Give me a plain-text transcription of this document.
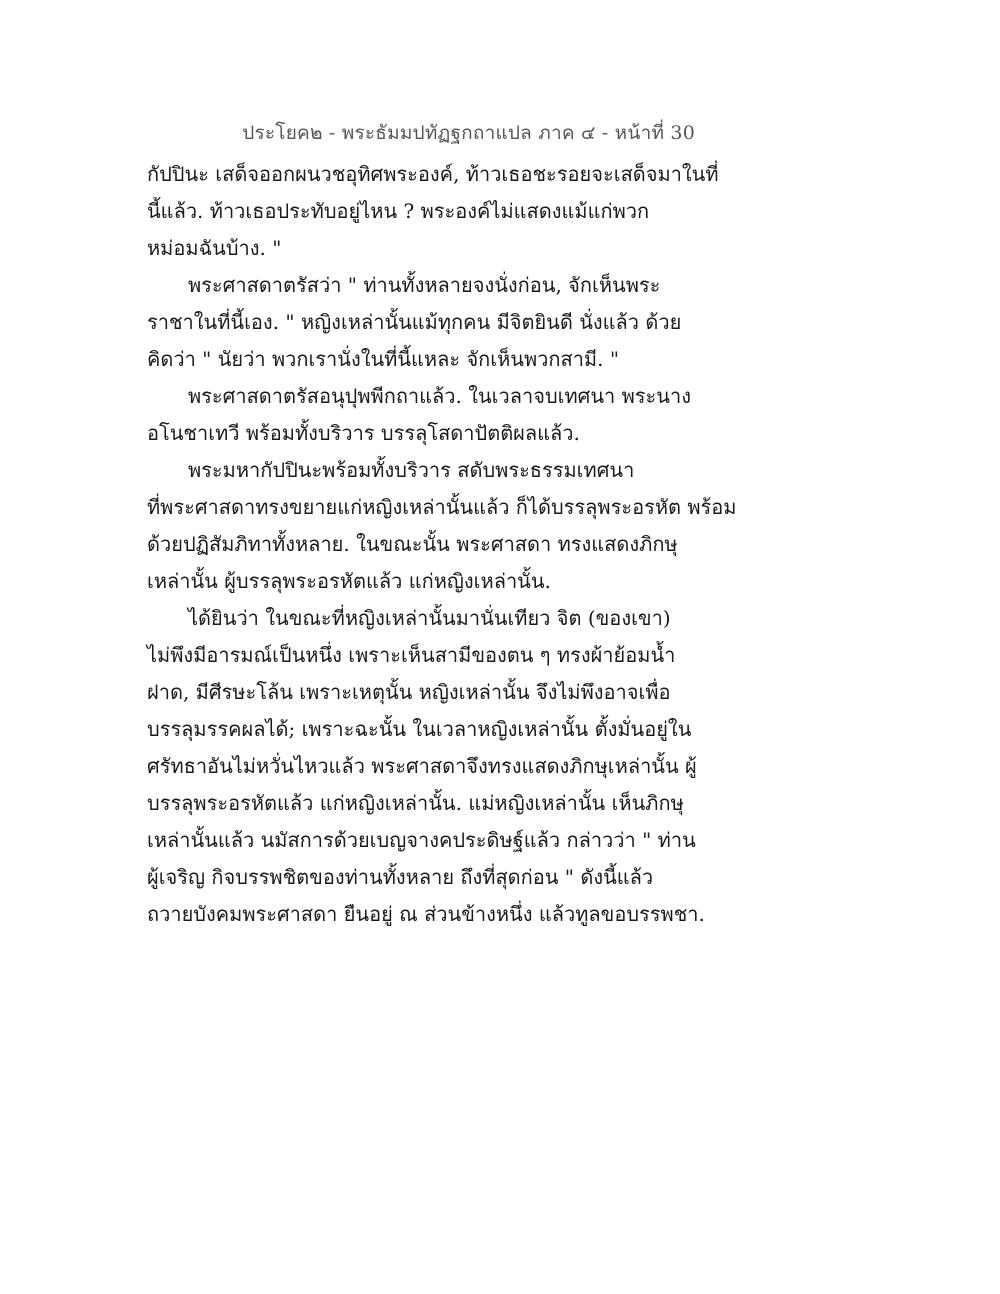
ประโยค๒ - พระธัมมปทัฏฐกถาแปล ภาค ๔ - หน้าที่ 30
กัปปินะ เสด็จออกผนวชอุทิศพระองค์, ท้าวเธอชะรอยจะเสด็จมาในที่
นี้แล้ว. ท้าวเธอประทับอยู่ไหน ? พระองค์ไม่แสดงแม้แก่พวก
หม่อมฉันบ้าง. "
พระศาสดาตรัสว่า " ท่านทั้งหลายจงนั่งก่อน, จักเห็นพระ
ราชาในที่นี้เอง. " หญิงเหล่านั้นแม้ทุกคน มีจิตยินดี นั่งแล้ว ด้วย
คิดว่า " นัยว่า พวกเรานั่งในที่นี้แหละ จักเห็นพวกสามี. "
พระศาสดาตรัสอนุปุพพีกถาแล้ว. ในเวลาจบเทศนา พระนาง
อโนชาเทวี พร้อมทั้งบริวาร บรรลุโสดาปัตติผลแล้ว.
พระมหากัปปินะพร้อมทั้งบริวาร สดับพระธรรมเทศนา
ที่พระศาสดาทรงขยายแก่หญิงเหล่านั้นแล้ว ก็ได้บรรลุพระอรหัต พร้อม
ด้วยปฏิสัมภิทาทั้งหลาย. ในขณะนั้น พระศาสดา ทรงแสดงภิกษุ
เหล่านั้น ผู้บรรลุพระอรหัตแล้ว แก่หญิงเหล่านั้น.
ได้ยินว่า ในขณะที่หญิงเหล่านั้นมานั่นเทียว จิต (ของเขา)
ไม่พึงมีอารมณ์เป็นหนึ่ง เพราะเห็นสามีของตน ๆ ทรงผ้าย้อมน้ำ
ฝาด, มีศีรษะโล้น เพราะเหตุนั้น หญิงเหล่านั้น จึงไม่พึงอาจเพื่อ
บรรลุมรรคผลได้; เพราะฉะนั้น ในเวลาหญิงเหล่านั้น ตั้งมั่นอยู่ใน
ศรัทธาอันไม่หวั่นไหวแล้ว พระศาสดาจึงทรงแสดงภิกษุเหล่านั้น ผู้
บรรลุพระอรหัตแล้ว แก่หญิงเหล่านั้น. แม่หญิงเหล่านั้น เห็นภิกษุ
เหล่านั้นแล้ว นมัสการด้วยเบญจางคประดิษฐ์แล้ว กล่าวว่า " ท่าน
ผู้เจริญ กิจบรรพชิตของท่านทั้งหลาย ถึงที่สุดก่อน " ดังนี้แล้ว
ถวายบังคมพระศาสดา ยืนอยู่ ณ ส่วนข้างหนึ่ง แล้วทูลขอบรรพชา.
